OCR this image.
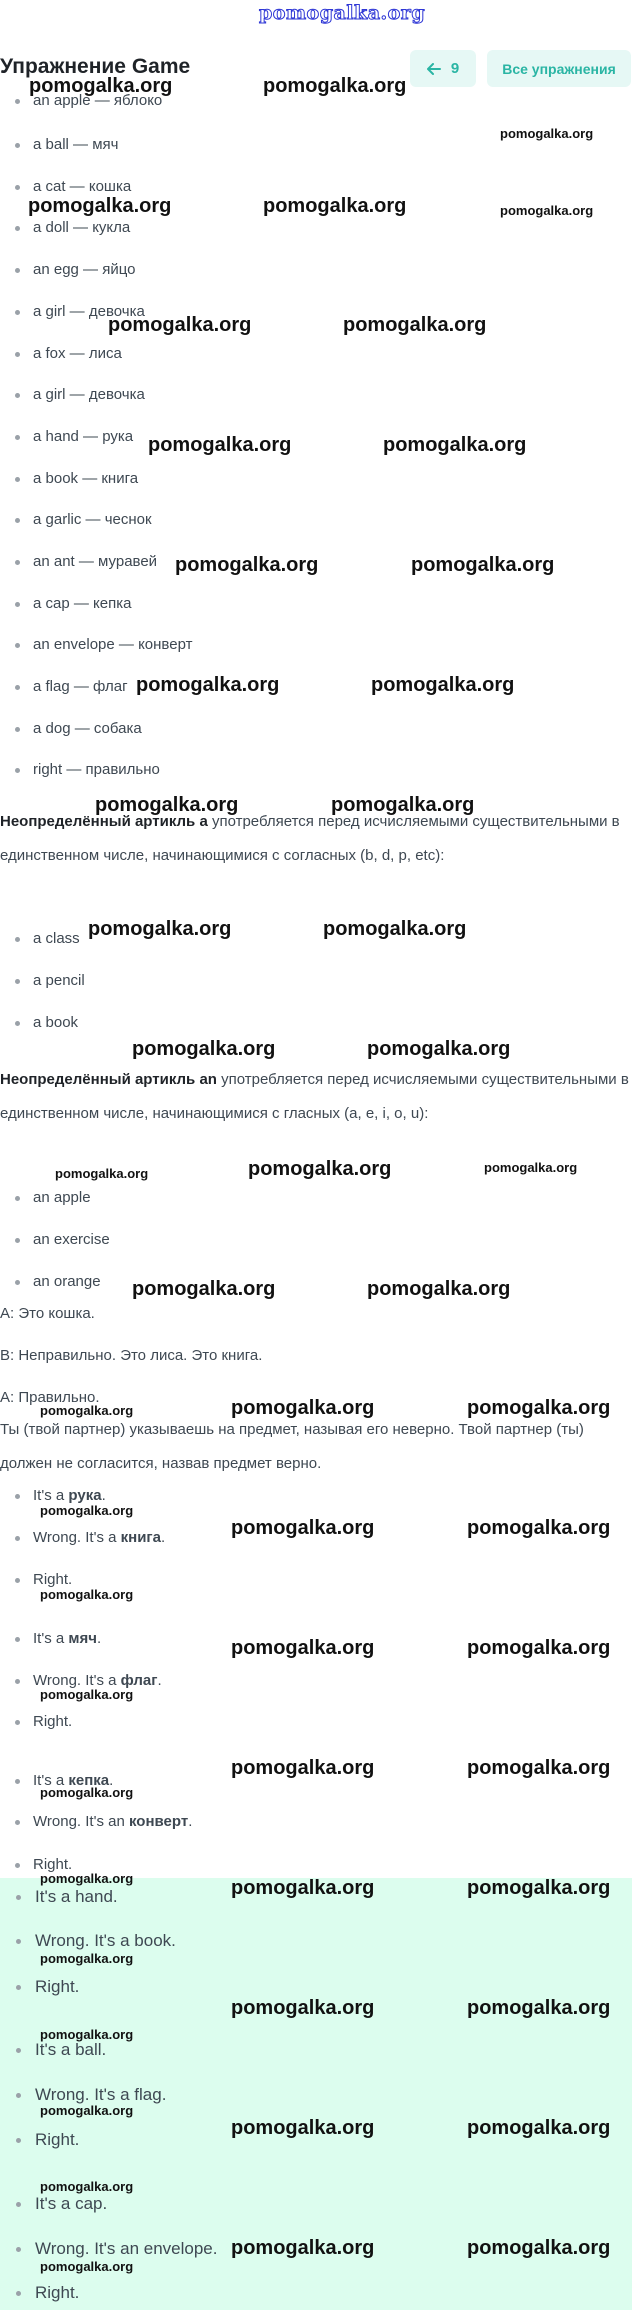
pomogalka.org
Упражнение Game	9	Все упражнения
an apple — яблоко
a ball — мяч
a cat — кошка
a doll — кукла
an egg — яйцо
a girl — девочка
a fox — лиса
a girl — девочка
a hand — рука
a book — книга
a garlic — чеснок
an ant — муравей
a cap — кепка
an envelope — конверт
a flag — флаг
a dog — собака
right — правильно
Неопределённый артикль a употребляется перед исчисляемыми существительными в единственном числе, начинающимися с согласных (b, d, p, etc):
a class
a pencil
a book
Неопределённый артикль an употребляется перед исчисляемыми существительными в единственном числе, начинающимися с гласных (a, e, i, o, u):
an apple
an exercise
an orange
A: Это кошка.
B: Неправильно. Это лиса. Это книга.
A: Правильно.
Ты (твой партнер) указываешь на предмет, называя его неверно. Твой партнер (ты) должен не согласится, назвав предмет верно.
It's a рука.
Wrong. It's a книга.
Right.
It's a мяч.
Wrong. It's a флаг.
Right.
It's a кепка.
Wrong. It's an конверт.
Right.
It's a hand.
Wrong. It's a book.
Right.
It's a ball.
Wrong. It's a flag.
Right.
It's a cap.
Wrong. It's an envelope.
Right.
pomogalka.org	pomogalka.org
pomogalka.org
pomogalka.org	pomogalka.org	pomogalka.org
pomogalka.org	pomogalka.org
pomogalka.org	pomogalka.org
pomogalka.org	pomogalka.org
pomogalka.org	pomogalka.org
pomogalka.org	pomogalka.org
pomogalka.org	pomogalka.org
pomogalka.org	pomogalka.org
pomogalka.org	pomogalka.org	pomogalka.org
pomogalka.org	pomogalka.org
pomogalka.org	pomogalka.org	pomogalka.org
pomogalka.org
pomogalka.org	pomogalka.org
pomogalka.org
pomogalka.org	pomogalka.org
pomogalka.org
pomogalka.org	pomogalka.org
pomogalka.org
pomogalka.org	pomogalka.org	pomogalka.org
pomogalka.org
pomogalka.org
pomogalka.org	pomogalka.org
pomogalka.org
pomogalka.org	pomogalka.org
pomogalka.org
pomogalka.org	pomogalka.org
pomogalka.org
